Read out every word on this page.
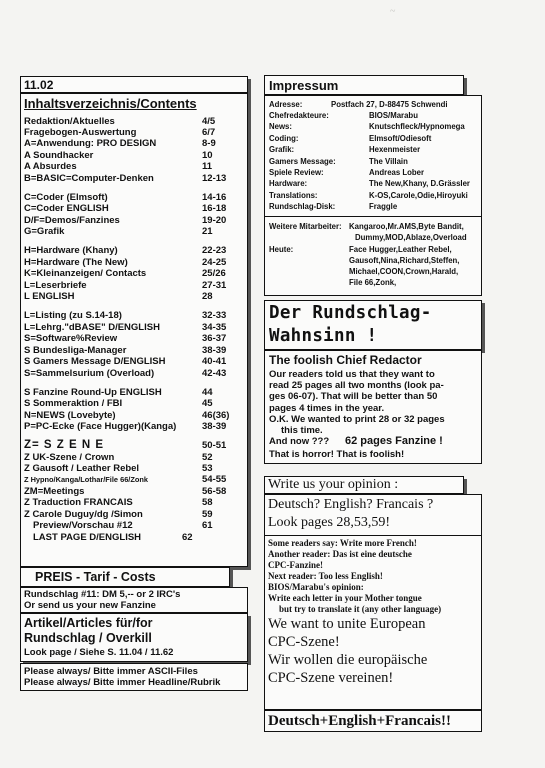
~
11.02
Inhaltsverzeichnis/Contents
Redaktion/Aktuelles	4/5
Fragebogen-Auswertung	6/7
A=Anwendung: PRO DESIGN	8-9
A Soundhacker	10
A Absurdes	11
B=BASIC=Computer-Denken	12-13
C=Coder (Elmsoft)	14-16
C=Coder ENGLISH	16-18
D/F=Demos/Fanzines	19-20
G=Grafik	21
H=Hardware (Khany)	22-23
H=Hardware (The New)	24-25
K=Kleinanzeigen/ Contacts	25/26
L=Leserbriefe	27-31
L ENGLISH	28
L=Listing (zu S.14-18)	32-33
L=Lehrg."dBASE" D/ENGLISH	34-35
S=Software%Review	36-37
S Bundesliga-Manager	38-39
S Gamers Message D/ENGLISH	40-41
S=Sammelsurium (Overload)	42-43
S Fanzine Round-Up ENGLISH	44
S Sommeraktion / FBI	45
N=NEWS (Lovebyte)	46(36)
P=PC-Ecke (Face Hugger)(Kanga)	38-39
Z= S Z E N E	50-51
Z UK-Szene / Crown	52
Z Gausoft / Leather Rebel	53
Z Hypno/Kanga/Lothar/File 66/Zonk	54-55
ZM=Meetings	56-58
Z Traduction FRANCAIS	58
Z Carole Duguy/dg /Simon	59
Preview/Vorschau #12	61
LAST PAGE D/ENGLISH	62
PREIS - Tarif - Costs
Rundschlag #11: DM 5,-- or 2 IRC's
Or send us your new Fanzine
Artikel/Articles für/for
Rundschlag / Overkill
Look page / Siehe S. 11.04 / 11.62
Please always/ Bitte immer ASCII-Files
Please always/ Bitte immer Headline/Rubrik
Impressum
Adresse:	Postfach 27, D-88475 Schwendi
Chefredakteure:	BIOS/Marabu
News:	Knutschfleck/Hypnomega
Coding:	Elmsoft/Odiesoft
Grafik:	Hexenmeister
Gamers Message:	The Villain
Spiele Review:	Andreas Lober
Hardware:	The New,Khany, D.Grässler
Translations:	K-OS,Carole,Odie,Hiroyuki
Rundschlag-Disk:	Fraggle
Weitere Mitarbeiter: Kangaroo,Mr.AMS,Byte Bandit,
Dummy,MOD,Ablaze,Overload
Heute:	Face Hugger,Leather Rebel,
Gausoft,Nina,Richard,Steffen,
Michael,COON,Crown,Harald,
File 66,Zonk,
Der Rundschlag-
Wahnsinn !
The foolish Chief Redactor
Our readers told us that they want to
read 25 pages all two months (look pa-
ges 06-07). That will be better than 50
pages 4 times in the year.
O.K. We wanted to print 28 or 32 pages
this time.
And now ??? 62 pages Fanzine !
That is horror! That is foolish!
Write us your opinion :
Deutsch? English? Francais ?
Look pages 28,53,59!
Some readers say: Write more French!
Another reader: Das ist eine deutsche
CPC-Fanzine!
Next reader: Too less English!
BIOS/Marabu's opinion:
Write each letter in your Mother tongue
but try to translate it (any other language)
We want to unite European
CPC-Szene!
Wir wollen die europäische
CPC-Szene vereinen!
Deutsch+English+Francais!!
